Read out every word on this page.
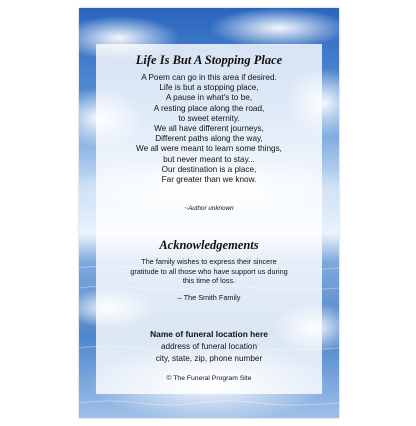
Life Is But A Stopping Place
A Poem can go in this area if desired.
Life is but a stopping place,
A pause in what's to be,
A resting place along the road,
to sweet eternity.
We all have different journeys,
Different paths along the way,
We all were meant to learn some things,
but never meant to stay...
Our destination is a place,
Far greater than we know.
~Author unknown
Acknowledgements
The family wishes to express their sincere
gratitude to all those who have support us during
this time of loss.
– The Smith Family
Name of funeral location here
address of funeral location
city, state, zip, phone number
© The Funeral Program Site
